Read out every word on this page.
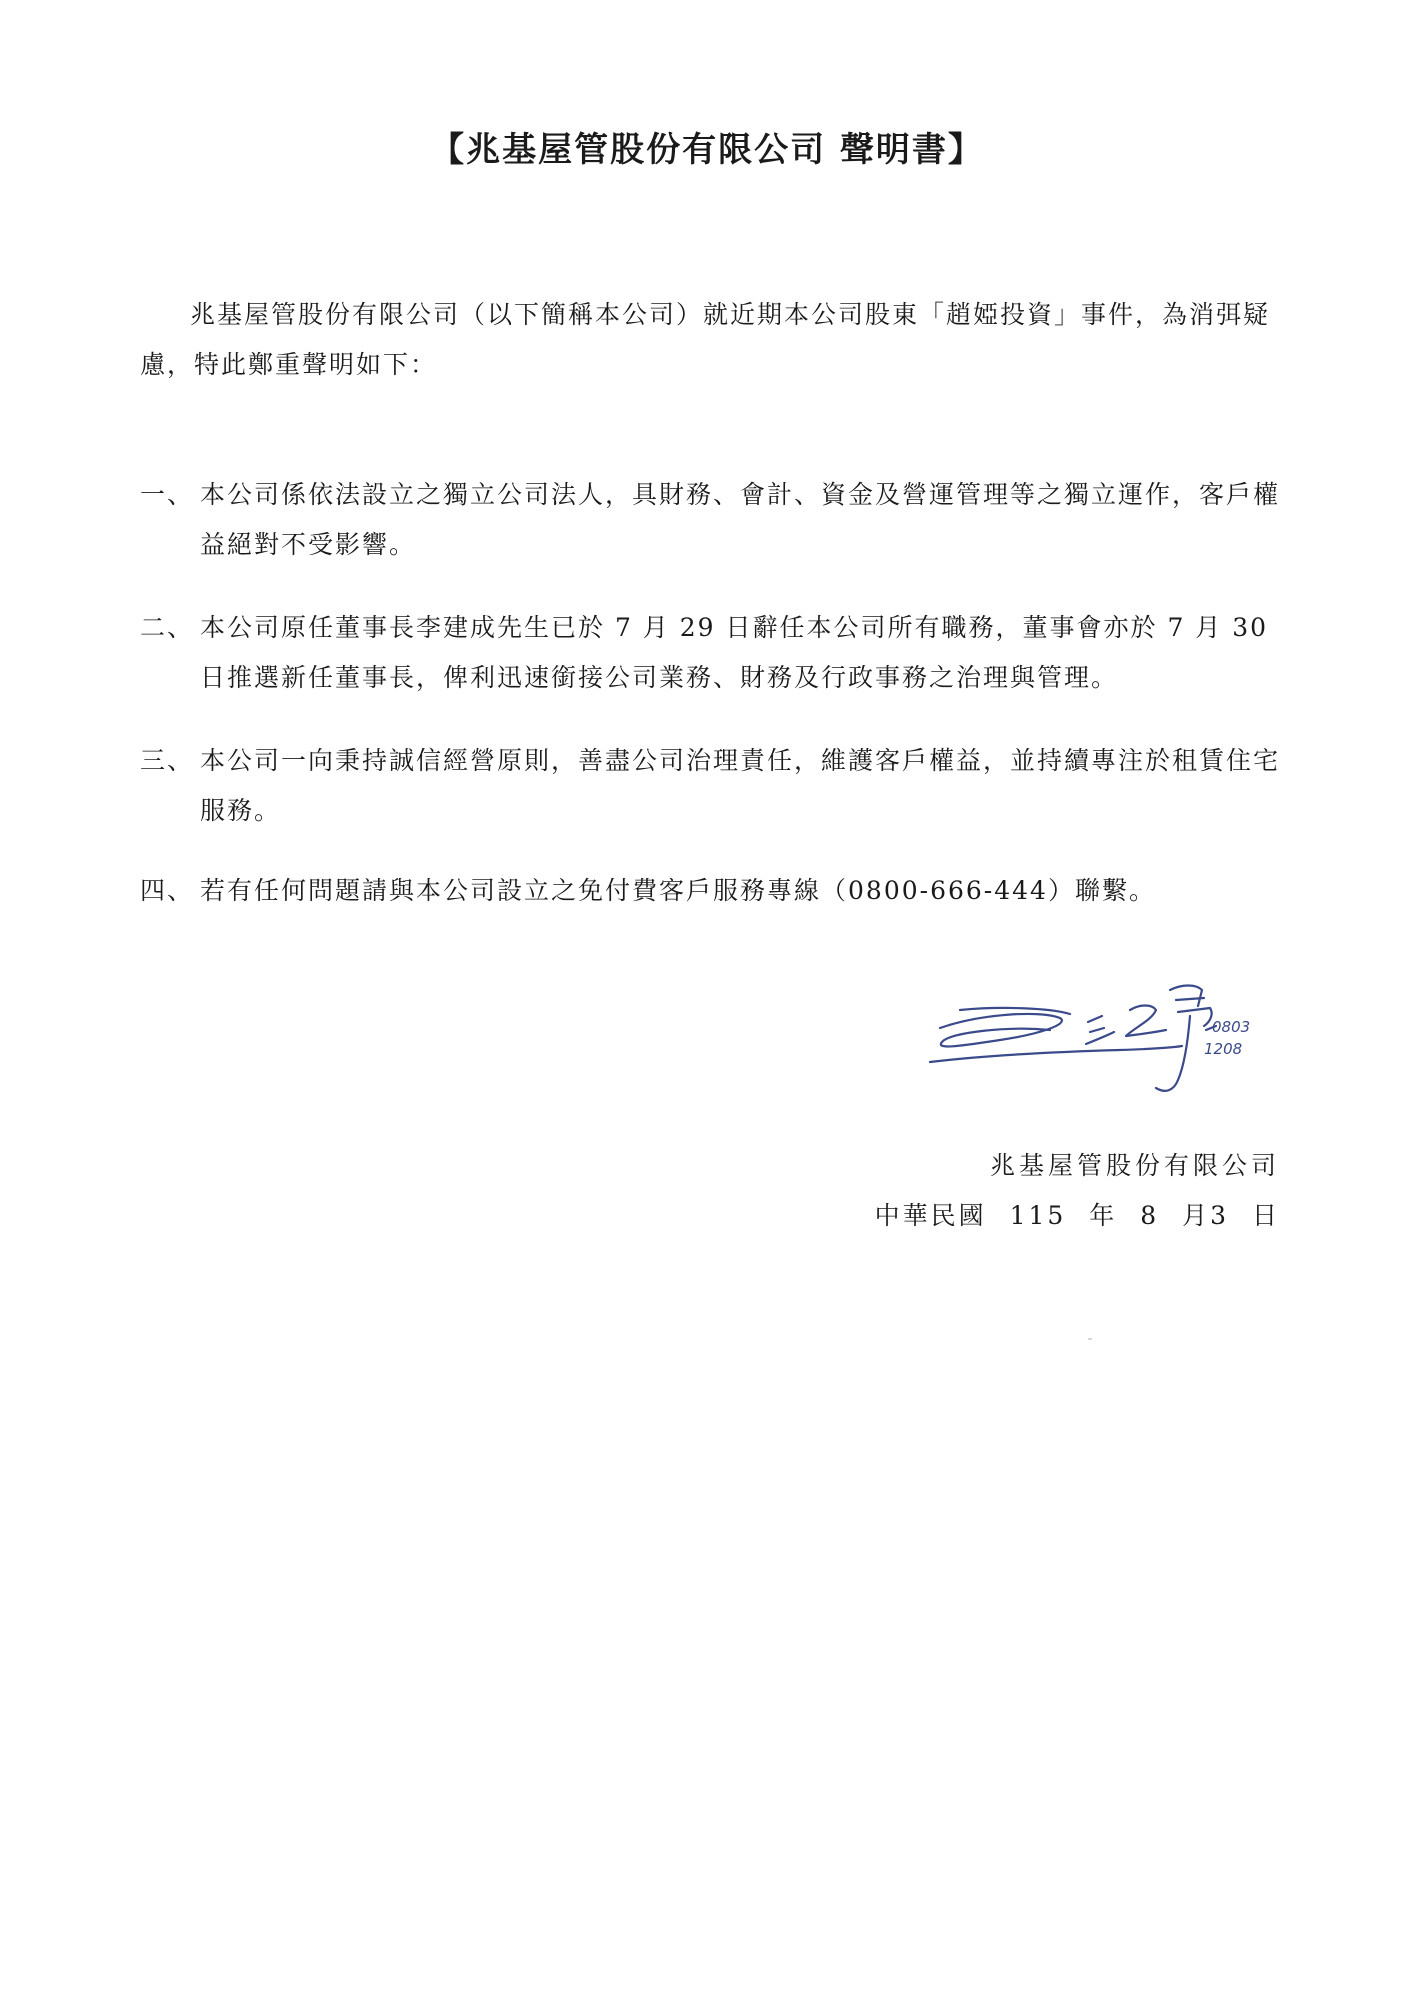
【兆基屋管股份有限公司 聲明書】
兆基屋管股份有限公司（以下簡稱本公司）就近期本公司股東「趙婭投資」事件，為消弭疑慮，特此鄭重聲明如下：
一、 本公司係依法設立之獨立公司法人，具財務、會計、資金及營運管理等之獨立運作，客戶權益絕對不受影響。
二、 本公司原任董事長李建成先生已於 7 月 29 日辭任本公司所有職務，董事會亦於 7 月 30 日推選新任董事長，俾利迅速銜接公司業務、財務及行政事務之治理與管理。
三、 本公司一向秉持誠信經營原則，善盡公司治理責任，維護客戶權益，並持續專注於租賃住宅服務。
四、 若有任何問題請與本公司設立之免付費客戶服務專線（0800-666-444）聯繫。
0803
1208
兆基屋管股份有限公司
中華民國 115 年 8 月3 日
